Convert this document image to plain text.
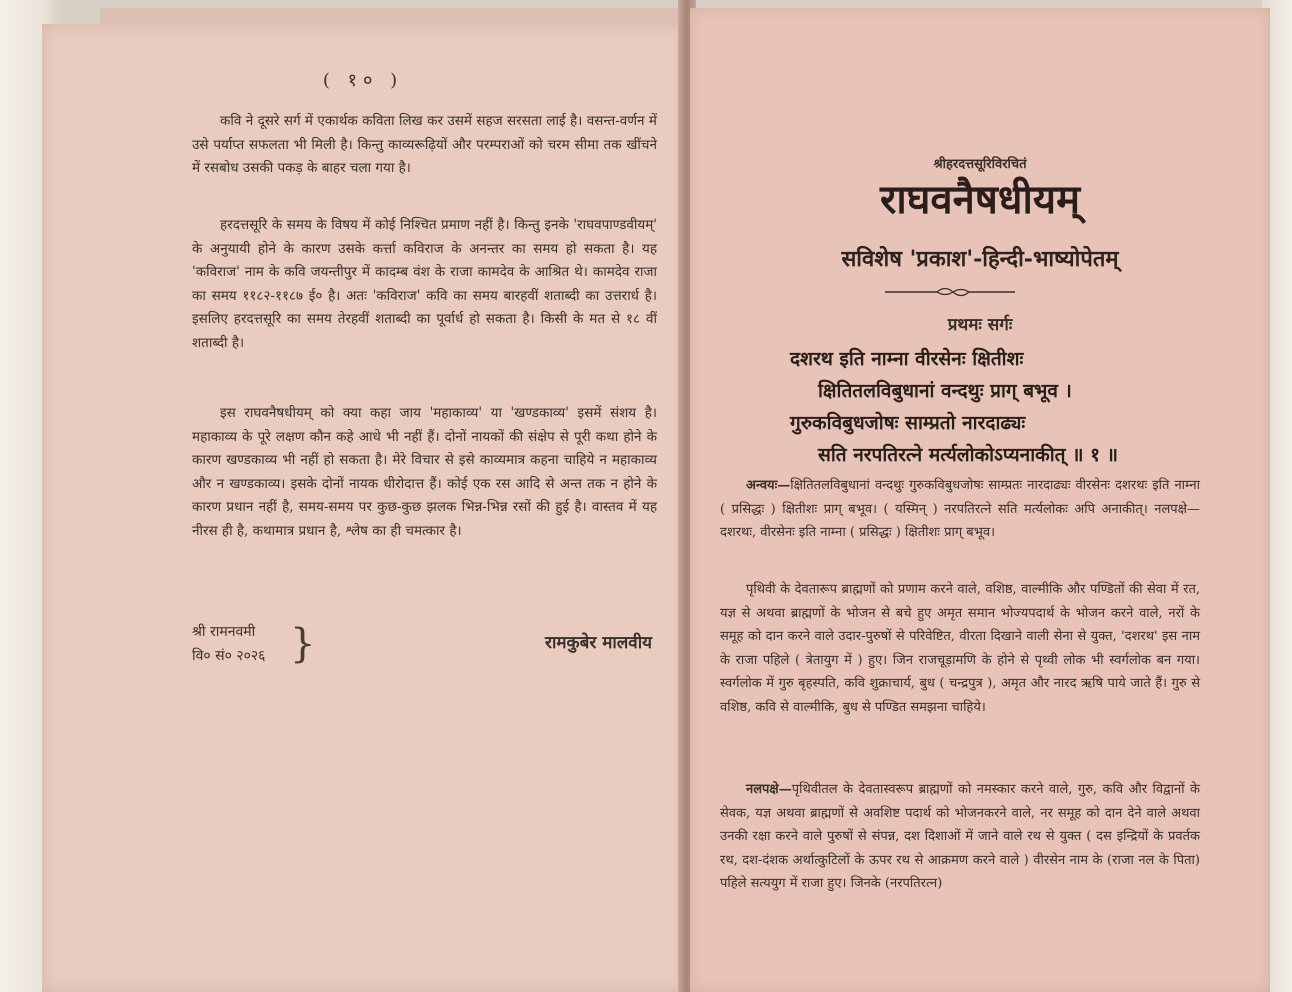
( १० )

कवि ने दूसरे सर्ग में एकार्थक कविता लिख कर उसमें सहज सरसता लाई है। वसन्त-वर्णन में उसे पर्याप्त सफलता भी मिली है। किन्तु काव्यरूढ़ियों और परम्पराओं को चरम सीमा तक खींचने में रसबोध उसकी पकड़ के बाहर चला गया है।

हरदत्तसूरि के समय के विषय में कोई निश्चित प्रमाण नहीं है। किन्तु इनके 'राघवपाण्डवीयम्' के अनुयायी होने के कारण उसके कर्त्ता कविराज के अनन्तर का समय हो सकता है। यह 'कविराज' नाम के कवि जयन्तीपुर में कादम्ब वंश के राजा कामदेव के आश्रित थे। कामदेव राजा का समय ११८२-११८७ ई० है। अतः 'कविराज' कवि का समय बारहवीं शताब्दी का उत्तरार्ध है। इसलिए हरदत्तसूरि का समय तेरहवीं शताब्दी का पूर्वार्ध हो सकता है। किसी के मत से १८ वीं शताब्दी है।

इस राघवनैषधीयम् को क्या कहा जाय 'महाकाव्य' या 'खण्डकाव्य' इसमें संशय है। महाकाव्य के पूरे लक्षण कौन कहे आधे भी नहीं हैं। दोनों नायकों की संक्षेप से पूरी कथा होने के कारण खण्डकाव्य भी नहीं हो सकता है। मेरे विचार से इसे काव्यमात्र कहना चाहिये न महाकाव्य और न खण्डकाव्य। इसके दोनों नायक धीरोदात्त हैं। कोई एक रस आदि से अन्त तक न होने के कारण प्रधान नहीं है, समय-समय पर कुछ-कुछ झलक भिन्न-भिन्न रसों की हुई है। वास्तव में यह नीरस ही है, कथामात्र प्रधान है, श्लेष का ही चमत्कार है।

श्री रामनवमी
वि० सं० २०२६ }	रामकुबेर मालवीय
श्रीहरदत्तसूरिविरचितं
राघवनैषधीयम्
सविशेष 'प्रकाश'-हिन्दी-भाष्योपेतम्
प्रथमः सर्गः
दशरथ इति नाम्ना वीरसेनः क्षितीशः
क्षितितलविबुधानां वन्दथुः प्राग् बभूव ।
गुरुकविबुधजोषः साम्प्रतो नारदाढ्यः
सति नरपतिरत्ने मर्त्यलोकोऽप्यनाकीत् ॥ १ ॥

अन्वयः—क्षितितलविबुधानां वन्दथुः गुरुकविबुधजोषः साम्प्रतः नारदाढ्यः वीरसेनः दशरथः इति नाम्ना ( प्रसिद्धः ) क्षितीशः प्राग् बभूव। ( यस्मिन् ) नरपतिरत्ने सति मर्त्यलोकः अपि अनाकीत्। नलपक्षे—दशरथः, वीरसेनः इति नाम्ना ( प्रसिद्धः ) क्षितीशः प्राग् बभूव।

पृथिवी के देवतारूप ब्राह्मणों को प्रणाम करने वाले, वशिष्ठ, वाल्मीकि और पण्डितों की सेवा में रत, यज्ञ से अथवा ब्राह्मणों के भोजन से बचे हुए अमृत समान भोज्यपदार्थ के भोजन करने वाले, नरों के समूह को दान करने वाले उदार-पुरुषों से परिवेष्टित, वीरता दिखाने वाली सेना से युक्त, 'दशरथ' इस नाम के राजा पहिले ( त्रेतायुग में ) हुए। जिन राजचूड़ामणि के होने से पृथ्वी लोक भी स्वर्गलोक बन गया। स्वर्गलोक में गुरु बृहस्पति, कवि शुक्राचार्य, बुध ( चन्द्रपुत्र ), अमृत और नारद ऋषि पाये जाते हैं। गुरु से वशिष्ठ, कवि से वाल्मीकि, बुध से पण्डित समझना चाहिये।

नलपक्षे—पृथिवीतल के देवतास्वरूप ब्राह्मणों को नमस्कार करने वाले, गुरु, कवि और विद्वानों के सेवक, यज्ञ अथवा ब्राह्मणों से अवशिष्ट पदार्थ को भोजनकरने वाले, नर समूह को दान देने वाले अथवा उनकी रक्षा करने वाले पुरुषों से संपन्न, दश दिशाओं में जाने वाले रथ से युक्त ( दस इन्द्रियों के प्रवर्तक रथ, दश-दंशक अर्थात्कुटिलों के ऊपर रथ से आक्रमण करने वाले ) वीरसेन नाम के (राजा नल के पिता) पहिले सत्ययुग में राजा हुए। जिनके (नरपतिरत्न)
